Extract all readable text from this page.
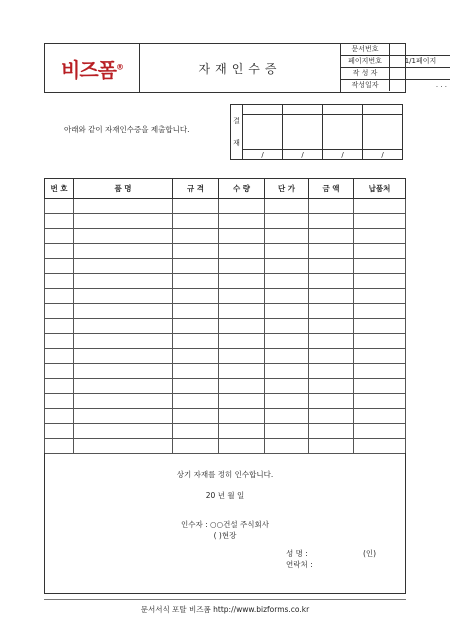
비즈폼®	자재인수증
문서번호	
페이지번호	1/1페이지
작 성 자	
작성일자	. . .
아래와 같이 자재인수증을 제출합니다.
결
재				

	/	/	/	/
번 호	품 명	규 격	수 량	단 가	금 액	납품처

상기 자재를 정히 인수합니다.
20 년 월 일
인수자 : ○○건설 주식회사
( )현장
성 명 :	(인)
연락처 :
문서서식 포탈 비즈폼 http://www.bizforms.co.kr
